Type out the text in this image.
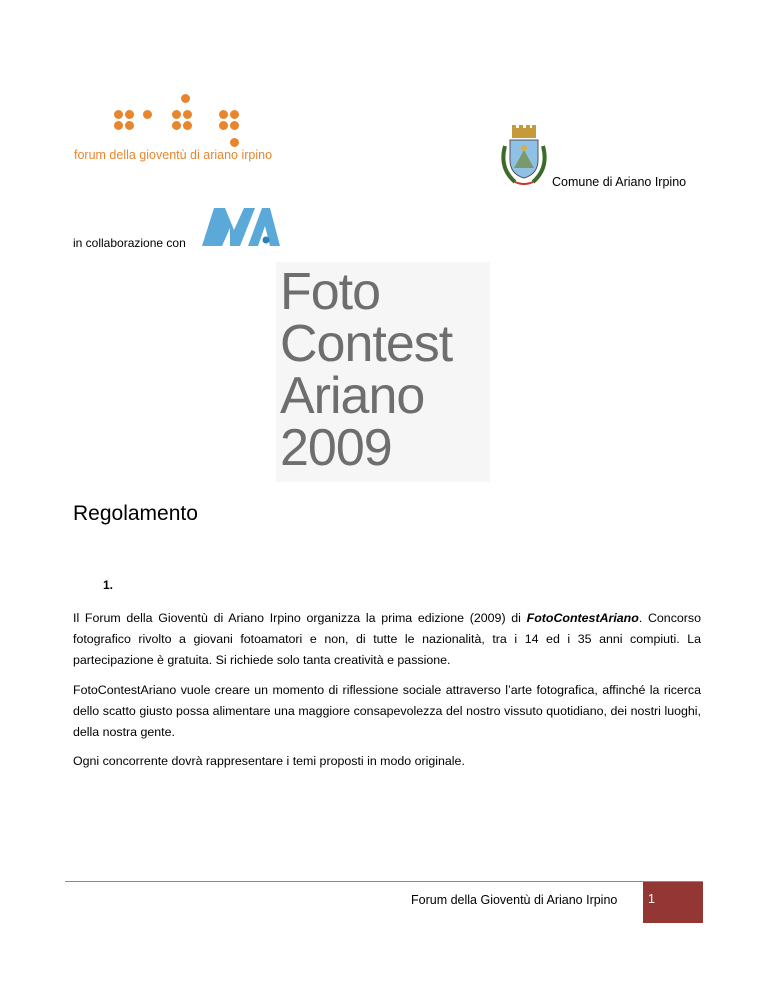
forum della gioventù di ariano irpino
Comune di Ariano Irpino
in collaborazione con
Foto
Contest
Ariano
2009
Regolamento
1.
Il Forum della Gioventù di Ariano Irpino organizza la prima edizione (2009) di FotoContestAriano. Concorso fotografico rivolto a giovani fotoamatori e non, di tutte le nazionalità, tra i 14 ed i 35 anni compiuti. La partecipazione è gratuita. Si richiede solo tanta creatività e passione.
FotoContestAriano vuole creare un momento di riflessione sociale attraverso l’arte fotografica, affinché la ricerca dello scatto giusto possa alimentare una maggiore consapevolezza del nostro vissuto quotidiano, dei nostri luoghi, della nostra gente.
Ogni concorrente dovrà rappresentare i temi proposti in modo originale.
Forum della Gioventù di Ariano Irpino 1
